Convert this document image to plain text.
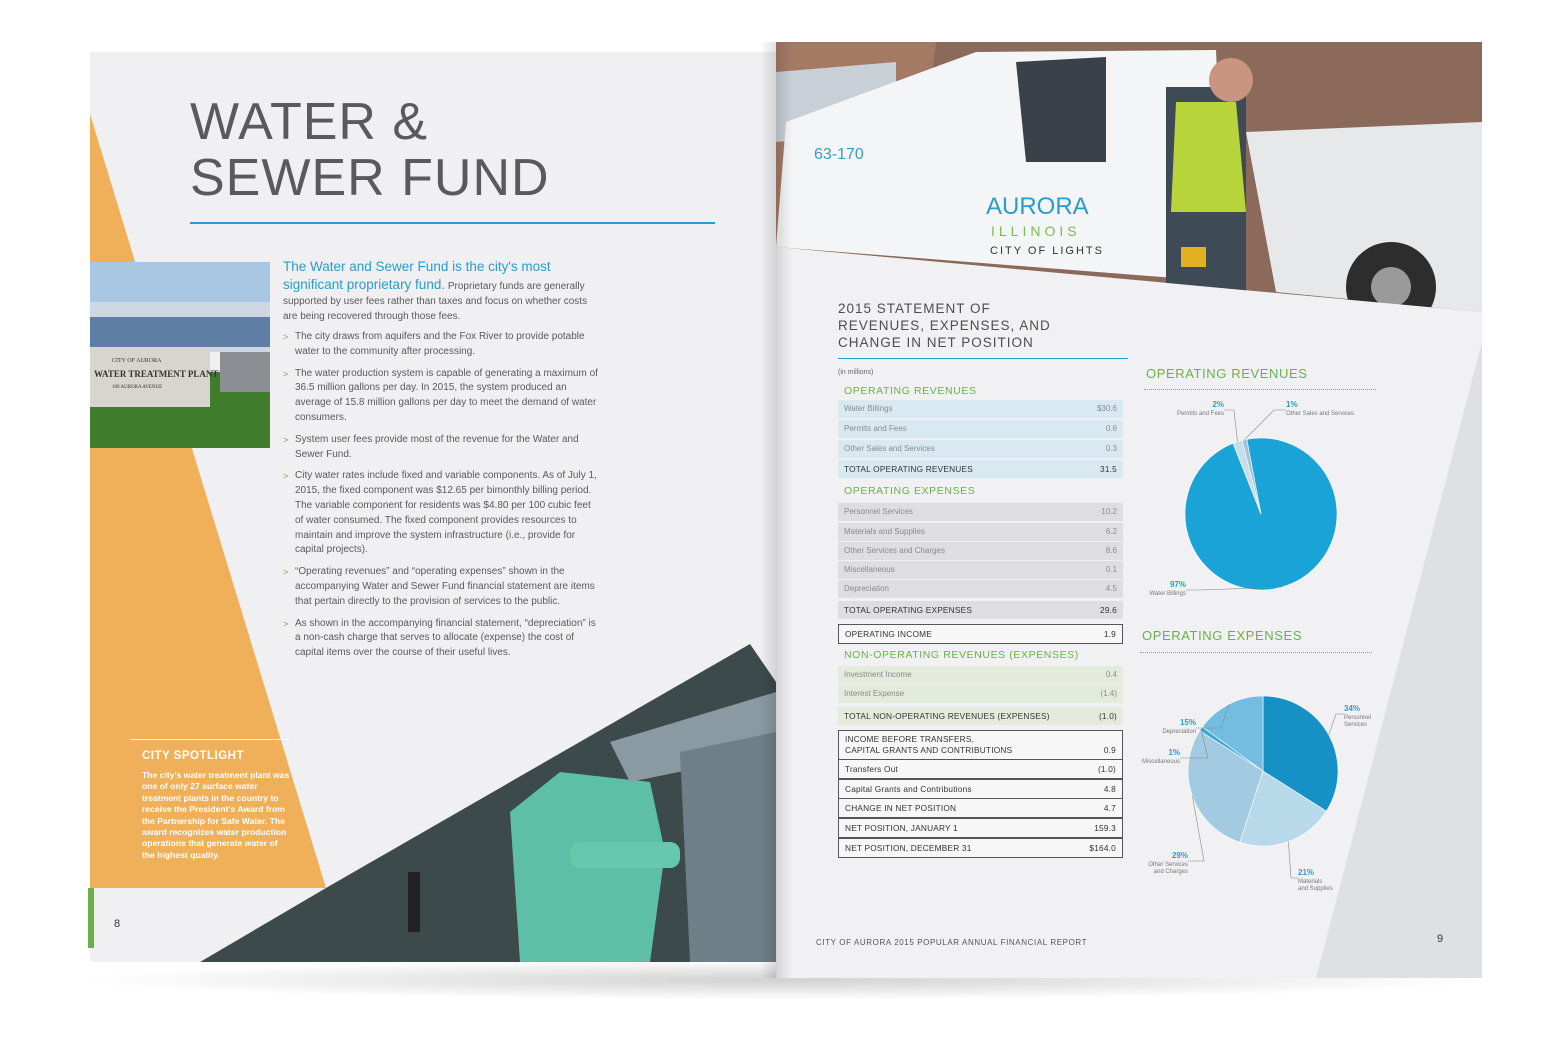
WATER &
SEWER FUND
CITY OF AURORA
WATER TREATMENT PLANT
100 AURORA AVENUE
The Water and Sewer Fund is the city's most significant proprietary fund. Proprietary funds are generally supported by user fees rather than taxes and focus on whether costs are being recovered through those fees.
> The city draws from aquifers and the Fox River to provide potable water to the community after processing.
> The water production system is capable of generating a maximum of 36.5 million gallons per day. In 2015, the system produced an average of 15.8 million gallons per day to meet the demand of water consumers.
> System user fees provide most of the revenue for the Water and Sewer Fund.
> City water rates include fixed and variable components. As of July 1, 2015, the fixed component was $12.65 per bimonthly billing period. The variable component for residents was $4.80 per 100 cubic feet of water consumed. The fixed component provides resources to maintain and improve the system infrastructure (i.e., provide for capital projects).
> “Operating revenues” and “operating expenses” shown in the accompanying Water and Sewer Fund financial statement are items that pertain directly to the provision of services to the public.
> As shown in the accompanying financial statement, “depreciation” is a non-cash charge that serves to allocate (expense) the cost of capital items over the course of their useful lives.
CITY SPOTLIGHT
The city's water treatment plant was one of only 27 surface water treatment plants in the country to receive the President's Award from the Partnership for Safe Water. The award recognizes water production operations that generate water of the highest quality.
8
63-170
AURORA
ILLINOIS
CITY OF LIGHTS
2015 STATEMENT OF
REVENUES, EXPENSES, AND
CHANGE IN NET POSITION
(in millions)
OPERATING REVENUES
Water Billings	$30.6
Permits and Fees	0.6
Other Sales and Services	0.3
TOTAL OPERATING REVENUES	31.5
OPERATING EXPENSES
Personnel Services	10.2
Materials and Supplies	6.2
Other Services and Charges	8.6
Miscellaneous	0.1
Depreciation	4.5
TOTAL OPERATING EXPENSES	29.6
OPERATING INCOME	1.9
NON-OPERATING REVENUES (EXPENSES)
Investment Income	0.4
Interest Expense	(1.4)
TOTAL NON-OPERATING REVENUES (EXPENSES)	(1.0)
INCOME BEFORE TRANSFERS,
CAPITAL GRANTS AND CONTRIBUTIONS	0.9
Transfers Out	(1.0)
Capital Grants and Contributions	4.8
CHANGE IN NET POSITION	4.7
NET POSITION, JANUARY 1	159.3
NET POSITION, DECEMBER 31	$164.0
OPERATING REVENUES
97%
Water Billings
2%
Permits and Fees
1%
Other Sales and Services
OPERATING EXPENSES
34%
Personnel
Services
21%
Materials
and Supplies
29%
Other Services
and Charges
1%
Miscellaneous
15%
Depreciation
CITY OF AURORA 2015 POPULAR ANNUAL FINANCIAL REPORT	9
